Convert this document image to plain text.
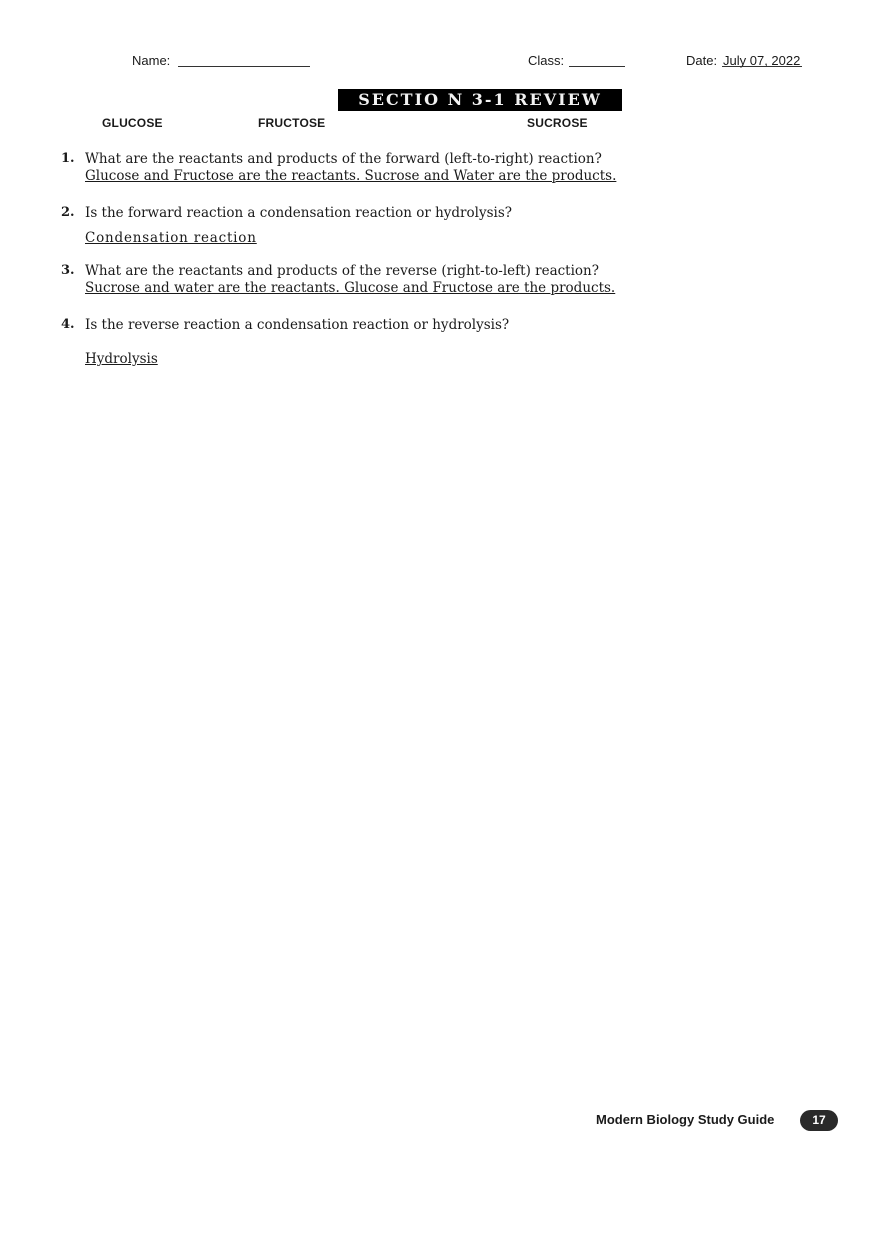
Name:	Class:	Date: July 07, 2022
SECTIO N 3-1 REVIEW
GLUCOSE	FRUCTOSE	SUCROSE
1. What are the reactants and products of the forward (left-to-right) reaction?
Glucose and Fructose are the reactants. Sucrose and Water are the products.
2. Is the forward reaction a condensation reaction or hydrolysis?
Condensation reaction
3. What are the reactants and products of the reverse (right-to-left) reaction?
Sucrose and water are the reactants. Glucose and Fructose are the products.
4. Is the reverse reaction a condensation reaction or hydrolysis?
Hydrolysis
Modern Biology Study Guide	17
